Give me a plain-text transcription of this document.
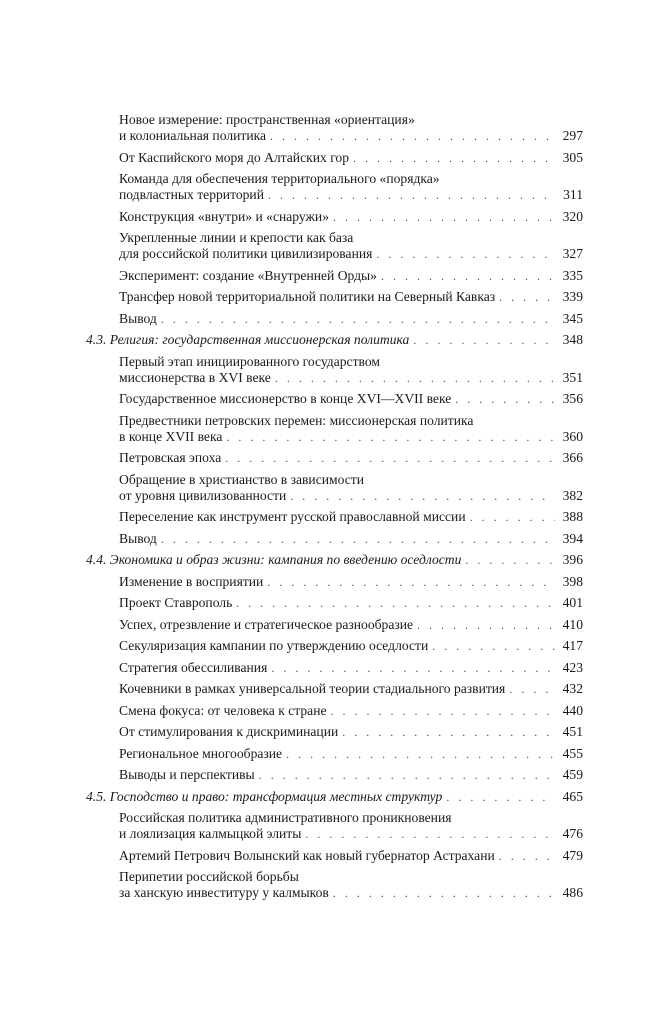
Новое измерение: пространственная «ориентация»
и колониальная политика . . .	297
От Каспийского моря до Алтайских гор . . .	305
Команда для обеспечения территориального «порядка»
подвластных территорий . . .	311
Конструкция «внутри» и «снаружи» . . .	320
Укрепленные линии и крепости как база
для российской политики цивилизирования . . .	327
Эксперимент: создание «Внутренней Орды» . . .	335
Трансфер новой территориальной политики на Северный Кавказ . . .	339
Вывод . . .	345
4.3. Религия: государственная миссионерская политика . . .	348
Первый этап инициированного государством
миссионерства в XVI веке . . .	351
Государственное миссионерство в конце XVI—XVII веке . . .	356
Предвестники петровских перемен: миссионерская политика
в конце XVII века . . .	360
Петровская эпоха . . .	366
Обращение в христианство в зависимости
от уровня цивилизованности . . .	382
Переселение как инструмент русской православной миссии . . .	388
Вывод . . .	394
4.4. Экономика и образ жизни: кампания по введению оседлости . . .	396
Изменение в восприятии . . .	398
Проект Ставрополь . . .	401
Успех, отрезвление и стратегическое разнообразие . . .	410
Секуляризация кампании по утверждению оседлости . . .	417
Стратегия обессиливания . . .	423
Кочевники в рамках универсальной теории стадиального развития . . .	432
Смена фокуса: от человека к стране . . .	440
От стимулирования к дискриминации . . .	451
Региональное многообразие . . .	455
Выводы и перспективы . . .	459
4.5. Господство и право: трансформация местных структур . . .	465
Российская политика административного проникновения
и лоялизация калмыцкой элиты . . .	476
Артемий Петрович Волынский как новый губернатор Астрахани . . .	479
Перипетии российской борьбы
за ханскую инвеституру у калмыков . . .	486
